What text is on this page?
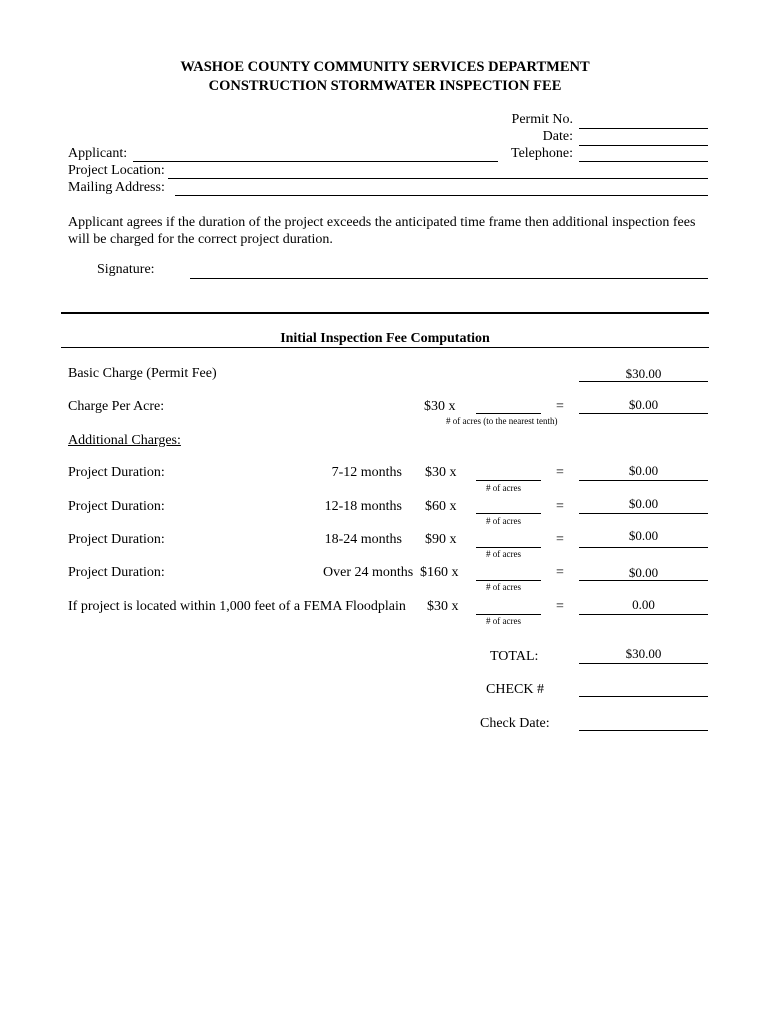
WASHOE COUNTY COMMUNITY SERVICES DEPARTMENT
CONSTRUCTION STORMWATER INSPECTION FEE
Permit No.
Date:
Applicant:	Telephone:
Project Location:
Mailing Address:
Applicant agrees if the duration of the project exceeds the anticipated time frame then additional inspection fees will be charged for the correct project duration.
Signature:
Initial Inspection Fee Computation
Basic Charge (Permit Fee)	$30.00
Charge Per Acre:	$30 x	=	$0.00
# of acres (to the nearest tenth)
Additional Charges:
Project Duration:	7-12 months $30 x	=	$0.00
# of acres
Project Duration:	12-18 months $60 x	=	$0.00
# of acres
Project Duration:	18-24 months $90 x	=	$0.00
# of acres
Project Duration:	Over 24 months $160 x	=	$0.00
# of acres
If project is located within 1,000 feet of a FEMA Floodplain $30 x	=	0.00
# of acres
TOTAL:	$30.00
CHECK #
Check Date:
